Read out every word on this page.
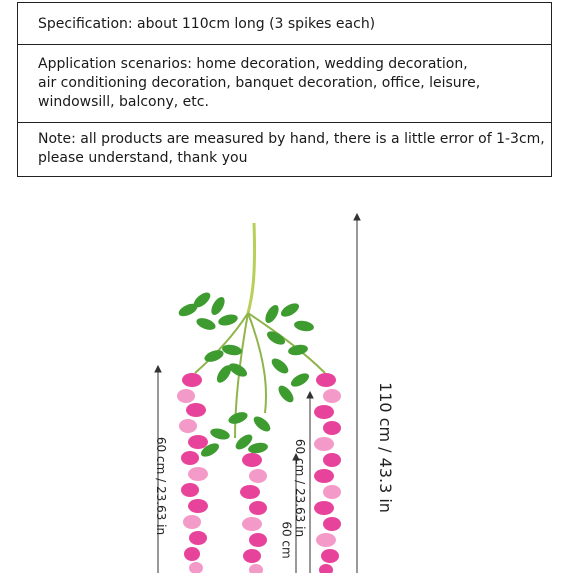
Specification: about 110cm long (3 spikes each)
Application scenarios: home decoration, wedding decoration,
air conditioning decoration, banquet decoration, office, leisure,
windowsill, balcony, etc.
Note: all products are measured by hand, there is a little error of 1-3cm,
please understand, thank you
110 cm / 43.3 in
60 cm / 23.63 in	60 cm / 23.63 in
60 cm
